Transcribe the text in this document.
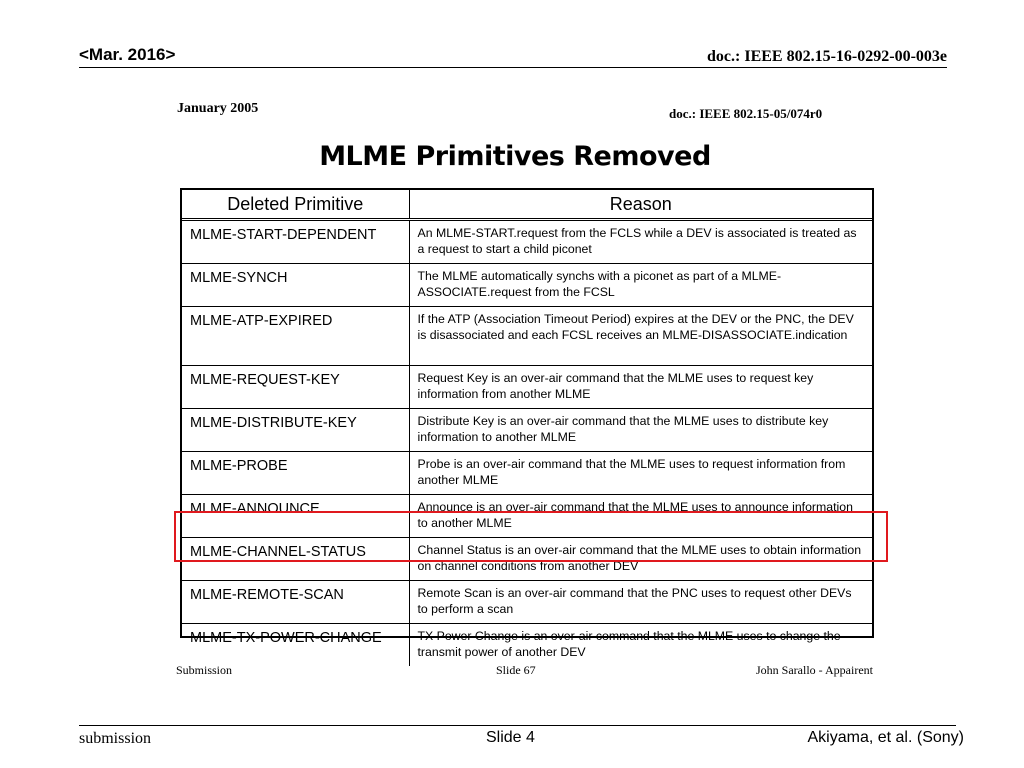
<Mar. 2016>	doc.: IEEE 802.15-16-0292-00-003e
January 2005	doc.: IEEE 802.15-05/074r0
MLME Primitives Removed
Deleted Primitive	Reason
MLME-START-DEPENDENT	An MLME-START.request from the FCLS while a DEV is associated is treated as a request to start a child piconet
MLME-SYNCH	The MLME automatically synchs with a piconet as part of a MLME-ASSOCIATE.request from the FCSL
MLME-ATP-EXPIRED	If the ATP (Association Timeout Period) expires at the DEV or the PNC, the DEV is disassociated and each FCSL receives an MLME-DISASSOCIATE.indication
MLME-REQUEST-KEY	Request Key is an over-air command that the MLME uses to request key information from another MLME
MLME-DISTRIBUTE-KEY	Distribute Key is an over-air command that the MLME uses to distribute key information to another MLME
MLME-PROBE	Probe is an over-air command that the MLME uses to request information from another MLME
MLME-ANNOUNCE	Announce is an over-air command that the MLME uses to announce information to another MLME
MLME-CHANNEL-STATUS	Channel Status is an over-air command that the MLME uses to obtain information on channel conditions from another DEV
MLME-REMOTE-SCAN	Remote Scan is an over-air command that the PNC uses to request other DEVs to perform a scan
MLME-TX-POWER-CHANGE	TX Power Change is an over-air command that the MLME uses to change the transmit power of another DEV
Submission	Slide 67	John Sarallo - Appairent
submission	Slide 4	Akiyama, et al. (Sony)
